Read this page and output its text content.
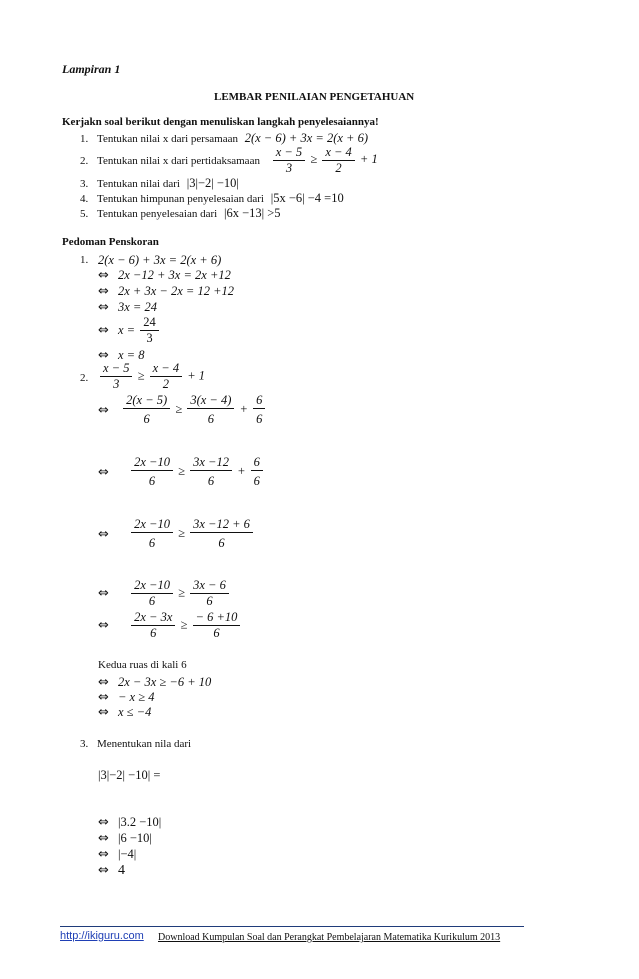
Lampiran 1
LEMBAR PENILAIAN PENGETAHUAN
Kerjakn soal berikut dengan menuliskan langkah penyelesaiannya!
1. Tentukan nilai x dari persamaan 2(x − 6) + 3x = 2(x + 6)
2. Tentukan nilai x dari pertidaksamaan $\frac{x - 5}{3} \ge \frac{x - 4}{2} + 1$
3. Tentukan nilai dari |3|−2| −10|
4. Tentukan himpunan penyelesaian dari |5x −6| −4 =10
5. Tentukan penyelesaian dari |6x −13| >5
Pedoman Penskoran
1. 2(x − 6) + 3x = 2(x + 6)
⇔ 2x −12 + 3x = 2x +12
⇔ 2x + 3x − 2x = 12 +12
⇔ 3x = 24
⇔ $x = \frac{24}{3}$
⇔ x = 8
2. $\frac{x - 5}{3} \ge \frac{x - 4}{2} + 1$
⇔ $\frac{2(x - 5)}{6} \ge \frac{3(x - 4)}{6} + \frac{6}{6}$
⇔ $\frac{2x -10}{6} \ge \frac{3x -12}{6} + \frac{6}{6}$
⇔ $\frac{2x -10}{6} \ge \frac{3x -12 + 6}{6}$
⇔ $\frac{2x -10}{6} \ge \frac{3x - 6}{6}$
⇔ $\frac{2x - 3x}{6} \ge \frac{- 6 +10}{6}$
Kedua ruas di kali 6
⇔ 2x − 3x ≥ −6 + 10
⇔ − x ≥ 4
⇔ x ≤ −4
3. Menentukan nila dari
|3|−2| −10| =
⇔ |3.2 −10|
⇔ |6 −10|
⇔ |−4|
⇔ 4
http://ikiguru.com Download Kumpulan Soal dan Perangkat Pembelajaran Matematika Kurikulum 2013
